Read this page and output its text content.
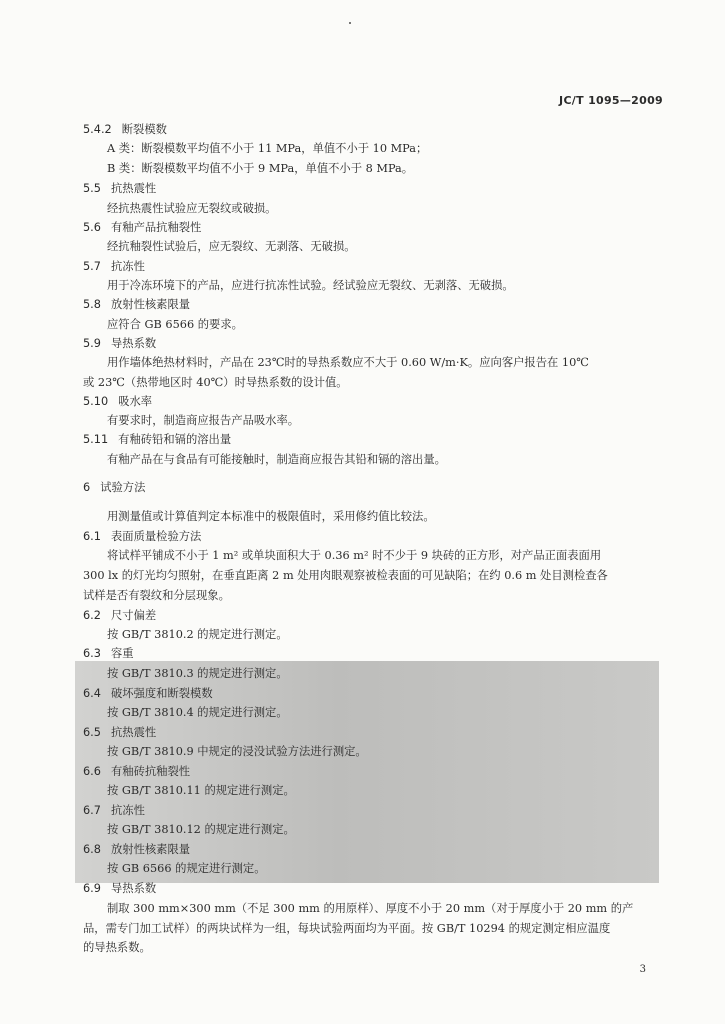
JC/T 1095—2009
5.4.2 断裂模数
A 类：断裂模数平均值不小于 11 MPa，单值不小于 10 MPa；
B 类：断裂模数平均值不小于 9 MPa，单值不小于 8 MPa。
5.5 抗热震性
经抗热震性试验应无裂纹或破损。
5.6 有釉产品抗釉裂性
经抗釉裂性试验后，应无裂纹、无剥落、无破损。
5.7 抗冻性
用于冷冻环境下的产品，应进行抗冻性试验。经试验应无裂纹、无剥落、无破损。
5.8 放射性核素限量
应符合 GB 6566 的要求。
5.9 导热系数
用作墙体绝热材料时，产品在 23℃时的导热系数应不大于 0.60 W/m·K。应向客户报告在 10℃
或 23℃（热带地区时 40℃）时导热系数的设计值。
5.10 吸水率
有要求时，制造商应报告产品吸水率。
5.11 有釉砖铅和镉的溶出量
有釉产品在与食品有可能接触时，制造商应报告其铅和镉的溶出量。
6 试验方法
用测量值或计算值判定本标准中的极限值时，采用修约值比较法。
6.1 表面质量检验方法
将试样平铺成不小于 1 m² 或单块面积大于 0.36 m² 时不少于 9 块砖的正方形，对产品正面表面用
300 lx 的灯光均匀照射，在垂直距离 2 m 处用肉眼观察被检表面的可见缺陷；在约 0.6 m 处目测检查各
试样是否有裂纹和分层现象。
6.2 尺寸偏差
按 GB/T 3810.2 的规定进行测定。
6.3 容重
按 GB/T 3810.3 的规定进行测定。
6.4 破坏强度和断裂模数
按 GB/T 3810.4 的规定进行测定。
6.5 抗热震性
按 GB/T 3810.9 中规定的浸没试验方法进行测定。
6.6 有釉砖抗釉裂性
按 GB/T 3810.11 的规定进行测定。
6.7 抗冻性
按 GB/T 3810.12 的规定进行测定。
6.8 放射性核素限量
按 GB 6566 的规定进行测定。
6.9 导热系数
制取 300 mm×300 mm（不足 300 mm 的用原样）、厚度不小于 20 mm（对于厚度小于 20 mm 的产
品，需专门加工试样）的两块试样为一组，每块试验两面均为平面。按 GB/T 10294 的规定测定相应温度
的导热系数。
3
